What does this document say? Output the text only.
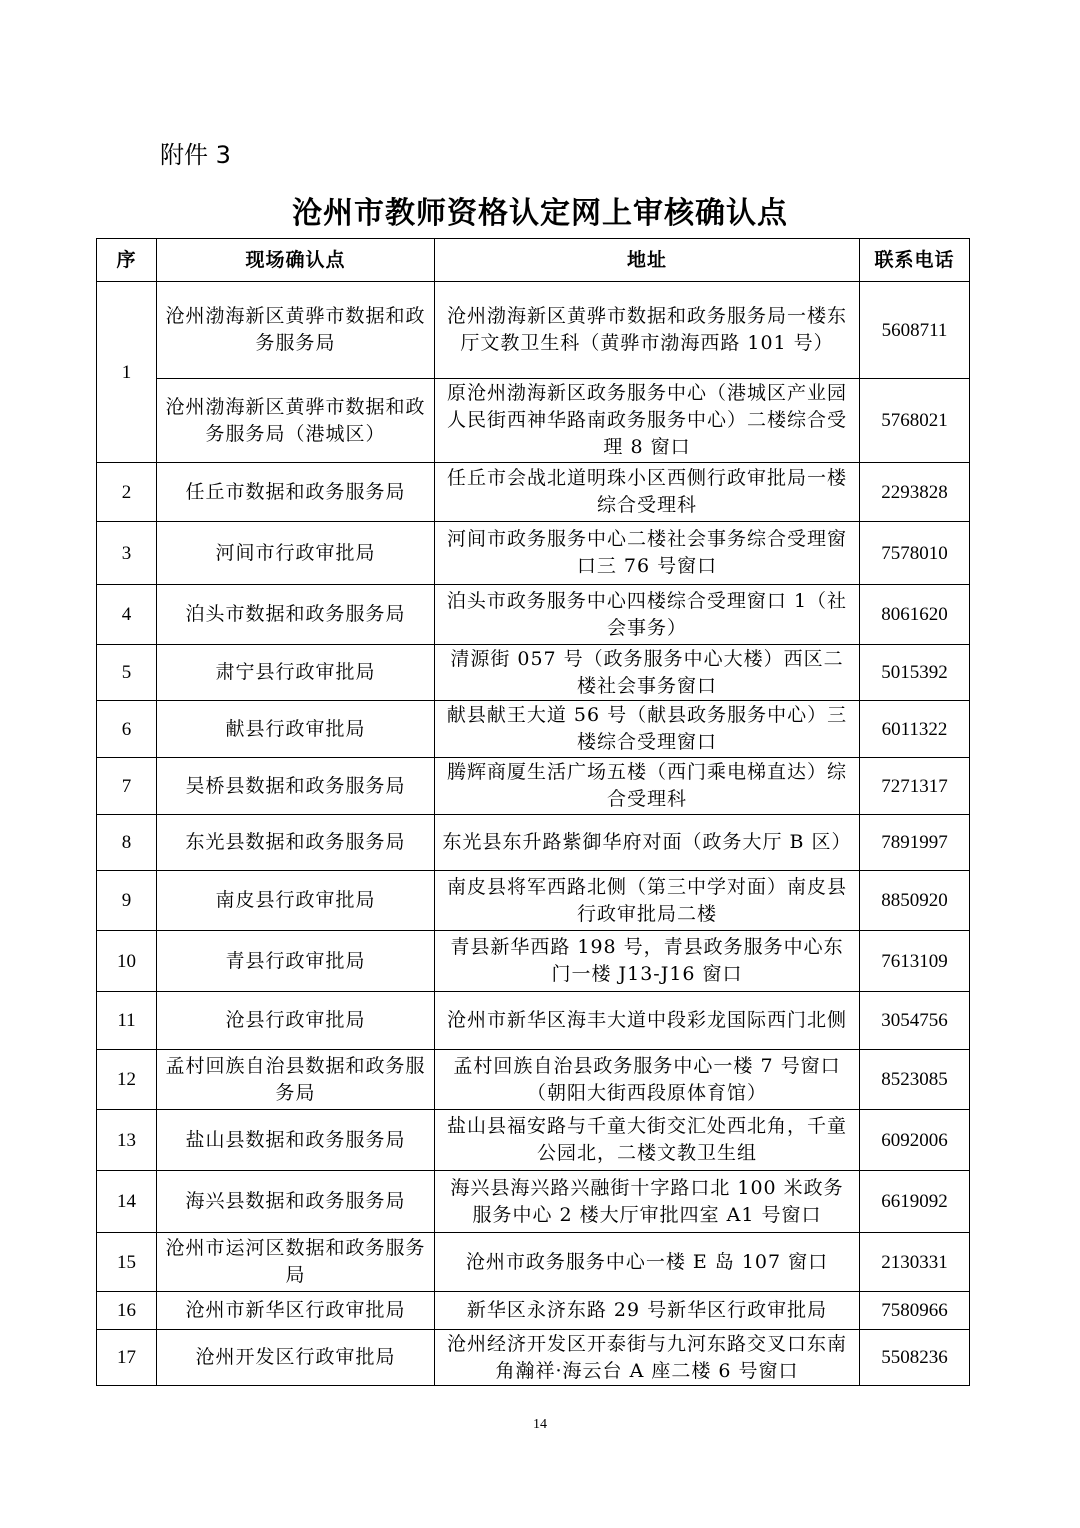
附件 3
沧州市教师资格认定网上审核确认点
序	现场确认点	地址	联系电话
1	沧州渤海新区黄骅市数据和政务服务局	沧州渤海新区黄骅市数据和政务服务局一楼东厅文教卫生科（黄骅市渤海西路 101 号）	5608711
	沧州渤海新区黄骅市数据和政务服务局（港城区）	原沧州渤海新区政务服务中心（港城区产业园人民街西神华路南政务服务中心）二楼综合受理 8 窗口	5768021
2	任丘市数据和政务服务局	任丘市会战北道明珠小区西侧行政审批局一楼综合受理科	2293828
3	河间市行政审批局	河间市政务服务中心二楼社会事务综合受理窗口三 76 号窗口	7578010
4	泊头市数据和政务服务局	泊头市政务服务中心四楼综合受理窗口 1（社会事务）	8061620
5	肃宁县行政审批局	清源街 057 号（政务服务中心大楼）西区二楼社会事务窗口	5015392
6	献县行政审批局	献县献王大道 56 号（献县政务服务中心）三楼综合受理窗口	6011322
7	吴桥县数据和政务服务局	腾辉商厦生活广场五楼（西门乘电梯直达）综合受理科	7271317
8	东光县数据和政务服务局	东光县东升路紫御华府对面（政务大厅 B 区）	7891997
9	南皮县行政审批局	南皮县将军西路北侧（第三中学对面）南皮县行政审批局二楼	8850920
10	青县行政审批局	青县新华西路 198 号，青县政务服务中心东门一楼 J13-J16 窗口	7613109
11	沧县行政审批局	沧州市新华区海丰大道中段彩龙国际西门北侧	3054756
12	孟村回族自治县数据和政务服务局	孟村回族自治县政务服务中心一楼 7 号窗口（朝阳大街西段原体育馆）	8523085
13	盐山县数据和政务服务局	盐山县福安路与千童大街交汇处西北角，千童公园北，二楼文教卫生组	6092006
14	海兴县数据和政务服务局	海兴县海兴路兴融街十字路口北 100 米政务服务中心 2 楼大厅审批四室 A1 号窗口	6619092
15	沧州市运河区数据和政务服务局	沧州市政务服务中心一楼 E 岛 107 窗口	2130331
16	沧州市新华区行政审批局	新华区永济东路 29 号新华区行政审批局	7580966
17	沧州开发区行政审批局	沧州经济开发区开泰街与九河东路交叉口东南角瀚祥·海云台 A 座二楼 6 号窗口	5508236
14
